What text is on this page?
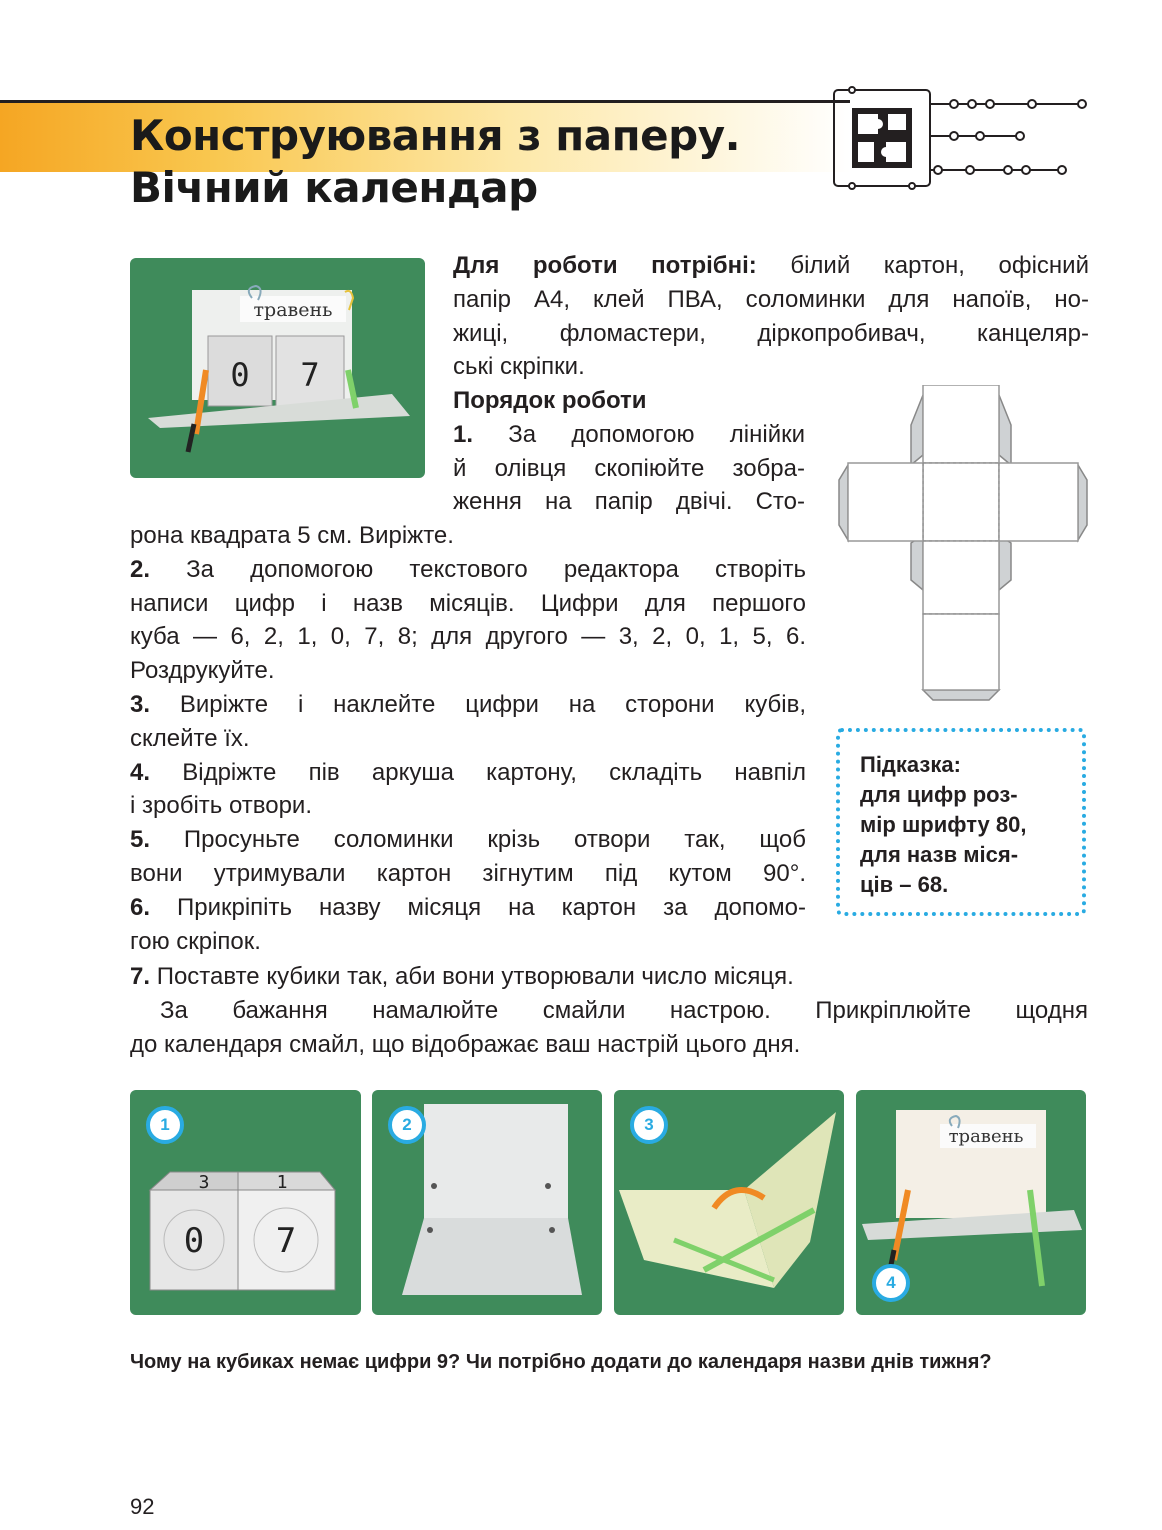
Конструювання з паперу.
Вічний календар
травень
0 7
Для роботи потрібні: білий картон, офісний
папір А4, клей ПВА, соломинки для напоїв, но-
жиці, фломастери, діркопробивач, канцеляр-
ські скріпки.
Порядок роботи
1. За допомогою лінійки
й олівця скопіюйте зобра-
ження на папір двічі. Сто-
рона квадрата 5 см. Виріжте.
2. За допомогою текстового редактора створіть
написи цифр і назв місяців. Цифри для першого
куба — 6, 2, 1, 0, 7, 8; для другого — 3, 2, 0, 1, 5, 6.
Роздрукуйте.
3. Виріжте і наклейте цифри на сторони кубів,
склейте їх.
4. Відріжте пів аркуша картону, складіть навпіл
і зробіть отвори.
5. Просуньте соломинки крізь отвори так, щоб
вони утримували картон зігнутим під кутом 90°.
6. Прикріпіть назву місяця на картон за допомо-
гою скріпок.
7. Поставте кубики так, аби вони утворювали число місяця.
За бажання намалюйте смайли настрою. Прикріплюйте щодня
до календаря смайл, що відображає ваш настрій цього дня.
Підказка:
для цифр роз-
мір шрифту 80,
для назв міся-
ців – 68.
3	1
0 7
1	2	3
травень
4

Чому на кубиках немає цифри 9? Чи потрібно додати до календаря назви днів тижня?

92
